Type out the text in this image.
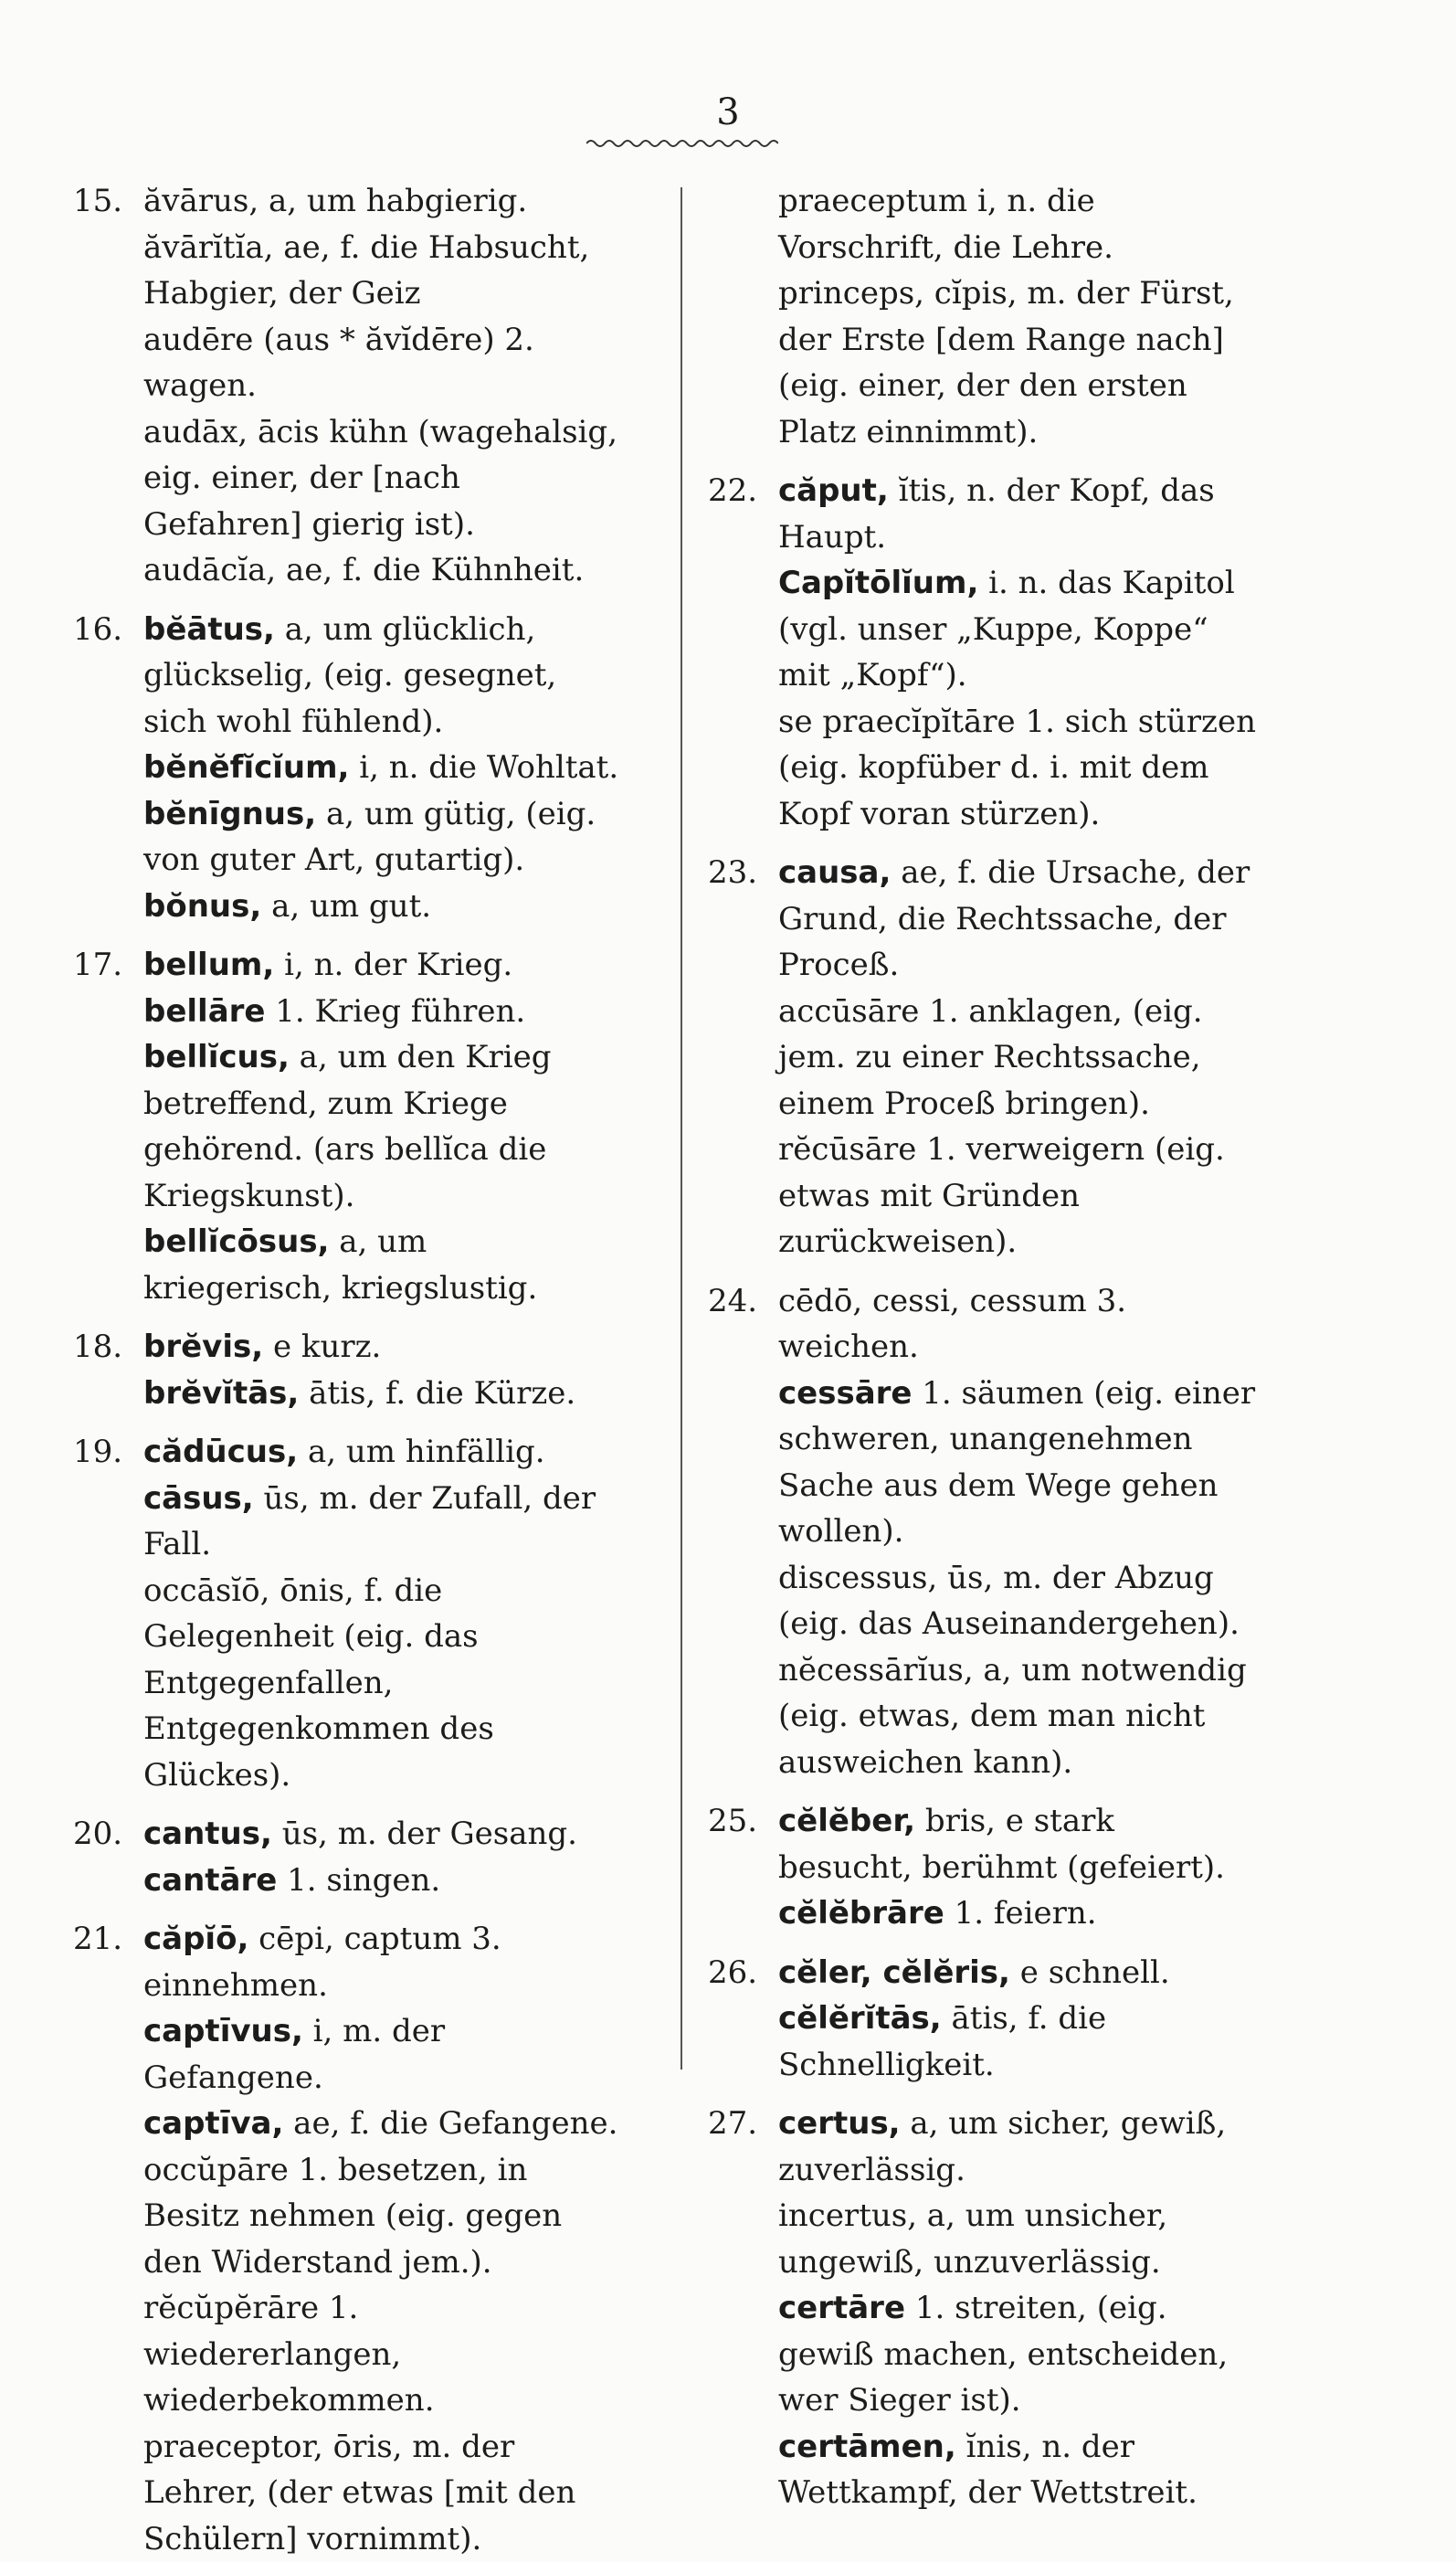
3
15. ăvārus, a, um habgierig.
ăvārĭtĭa, ae, f. die Habsucht, Habgier, der Geiz
audēre (aus * ăvĭdēre) 2. wagen.
audāx, ācis kühn (wagehalsig, eig. einer, der [nach Gefahren] gierig ist).
audācĭa, ae, f. die Kühnheit.
16. bĕātus, a, um glücklich, glückselig, (eig. gesegnet, sich wohl fühlend).
bĕnĕfĭcĭum, i, n. die Wohltat.
bĕnīgnus, a, um gütig, (eig. von guter Art, gutartig).
bŏnus, a, um gut.
17. bellum, i, n. der Krieg.
bellāre 1. Krieg führen.
bellĭcus, a, um den Krieg betreffend, zum Kriege gehörend. (ars bellĭca die Kriegskunst).
bellĭcōsus, a, um kriegerisch, kriegslustig.
18. brĕvis, e kurz.
brĕvĭtās, ātis, f. die Kürze.
19. cădūcus, a, um hinfällig.
cāsus, ūs, m. der Zufall, der Fall.
occāsĭō, ōnis, f. die Gelegenheit (eig. das Entgegenfallen, Entgegenkommen des Glückes).
20. cantus, ūs, m. der Gesang.
cantāre 1. singen.
21. căpĭō, cēpi, captum 3. einnehmen.
captīvus, i, m. der Gefangene.
captīva, ae, f. die Gefangene.
occŭpāre 1. besetzen, in Besitz nehmen (eig. gegen den Widerstand jem.).
rĕcŭpĕrāre 1. wiedererlangen, wiederbekommen.
praeceptor, ōris, m. der Lehrer, (der etwas [mit den Schülern] vornimmt).
praeceptum i, n. die Vorschrift, die Lehre.
princeps, cĭpis, m. der Fürst, der Erste [dem Range nach] (eig. einer, der den ersten Platz einnimmt).
22. căput, ĭtis, n. der Kopf, das Haupt.
Capĭtōlĭum, i. n. das Kapitol (vgl. unser „Kuppe, Koppe“ mit „Kopf“).
se praecĭpĭtāre 1. sich stürzen (eig. kopfüber d. i. mit dem Kopf voran stürzen).
23. causa, ae, f. die Ursache, der Grund, die Rechtssache, der Proceß.
accūsāre 1. anklagen, (eig. jem. zu einer Rechtssache, einem Proceß bringen).
rĕcūsāre 1. verweigern (eig. etwas mit Gründen zurückweisen).
24. cēdō, cessi, cessum 3. weichen.
cessāre 1. säumen (eig. einer schweren, unangenehmen Sache aus dem Wege gehen wollen).
discessus, ūs, m. der Abzug (eig. das Auseinandergehen).
nĕcessārĭus, a, um notwendig (eig. etwas, dem man nicht ausweichen kann).
25. cĕlĕber, bris, e stark besucht, berühmt (gefeiert).
cĕlĕbrāre 1. feiern.
26. cĕler, cĕlĕris, e schnell.
cĕlĕrĭtās, ātis, f. die Schnelligkeit.
27. certus, a, um sicher, gewiß, zuverlässig.
incertus, a, um unsicher, ungewiß, unzuverlässig.
certāre 1. streiten, (eig. gewiß machen, entscheiden, wer Sieger ist).
certāmen, ĭnis, n. der Wettkampf, der Wettstreit.
